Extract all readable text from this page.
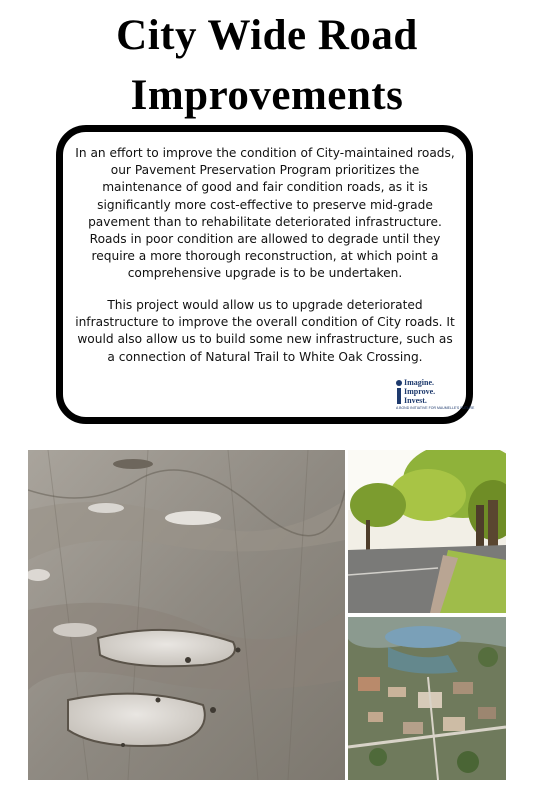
City Wide Road
Improvements

In an effort to improve the condition of City-maintained roads, our Pavement Preservation Program prioritizes the maintenance of good and fair condition roads, as it is significantly more cost-effective to preserve mid-grade pavement than to rehabilitate deteriorated infrastructure. Roads in poor condition are allowed to degrade until they require a more thorough reconstruction, at which point a comprehensive upgrade is to be undertaken.

This project would allow us to upgrade deteriorated infrastructure to improve the overall condition of City roads. It would also allow us to build some new infrastructure, such as a connection of Natural Trail to White Oak Crossing.

Imagine.
Improve.
Invest.
A BOND INITIATIVE FOR MAUMELLE'S FUTURE
